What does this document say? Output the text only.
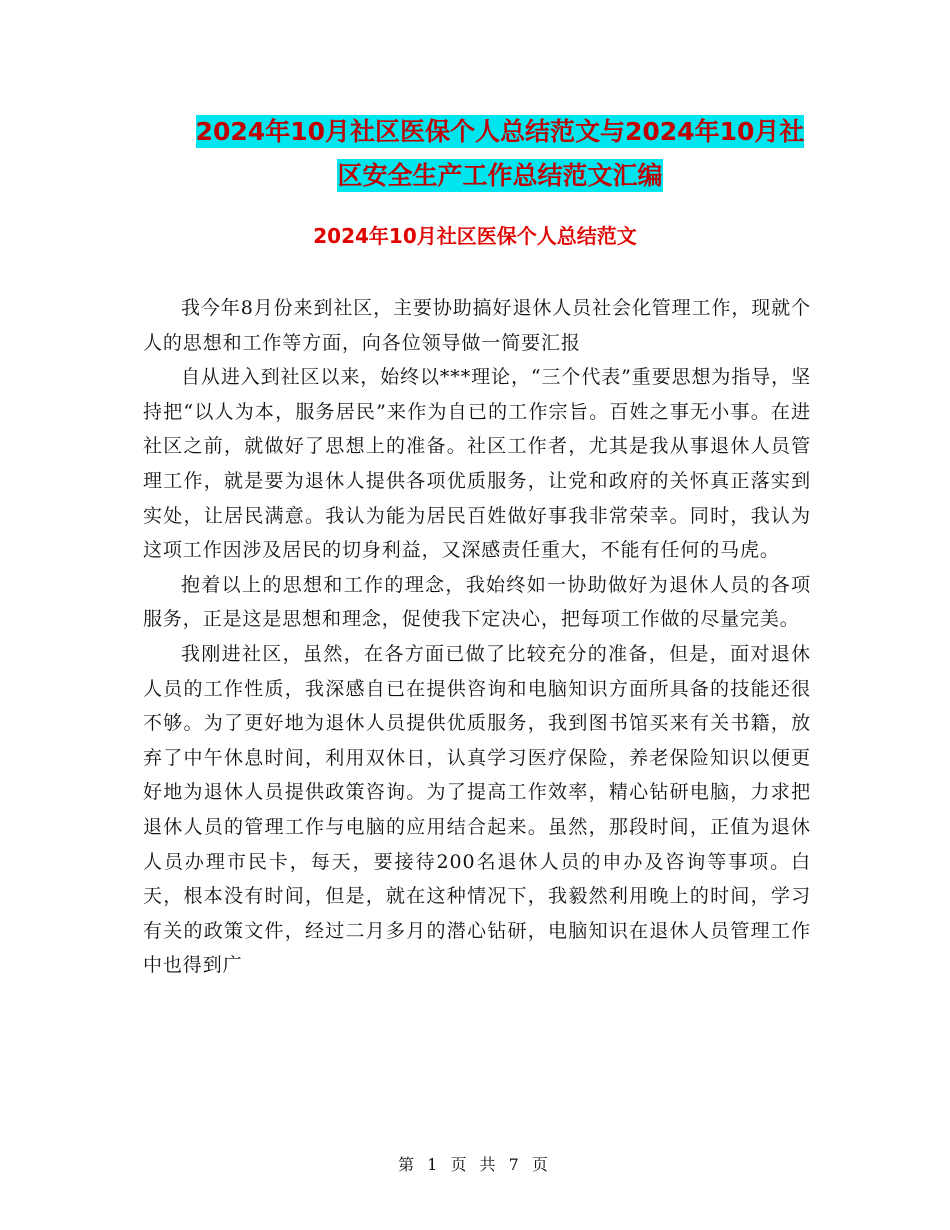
2024年10月社区医保个人总结范文与2024年10月社
区安全生产工作总结范文汇编
2024年10月社区医保个人总结范文

我今年8月份来到社区，主要协助搞好退休人员社会化管理工作，现就个人的思想和工作等方面，向各位领导做一简要汇报

自从进入到社区以来，始终以***理论，“三个代表”重要思想为指导，坚持把“以人为本，服务居民”来作为自已的工作宗旨。百姓之事无小事。在进社区之前，就做好了思想上的准备。社区工作者，尤其是我从事退休人员管理工作，就是要为退休人提供各项优质服务，让党和政府的关怀真正落实到实处，让居民满意。我认为能为居民百姓做好事我非常荣幸。同时，我认为这项工作因涉及居民的切身利益，又深感责任重大，不能有任何的马虎。

抱着以上的思想和工作的理念，我始终如一协助做好为退休人员的各项服务，正是这是思想和理念，促使我下定决心，把每项工作做的尽量完美。

我刚进社区，虽然，在各方面已做了比较充分的准备，但是，面对退休人员的工作性质，我深感自已在提供咨询和电脑知识方面所具备的技能还很不够。为了更好地为退休人员提供优质服务，我到图书馆买来有关书籍，放弃了中午休息时间，利用双休日，认真学习医疗保险，养老保险知识以便更好地为退休人员提供政策咨询。为了提高工作效率，精心钻研电脑，力求把退休人员的管理工作与电脑的应用结合起来。虽然，那段时间，正值为退休人员办理市民卡，每天，要接待200名退休人员的申办及咨询等事项。白天，根本没有时间，但是，就在这种情况下，我毅然利用晚上的时间，学习有关的政策文件，经过二月多月的潜心钻研，电脑知识在退休人员管理工作中也得到广

第 1 页 共 7 页
